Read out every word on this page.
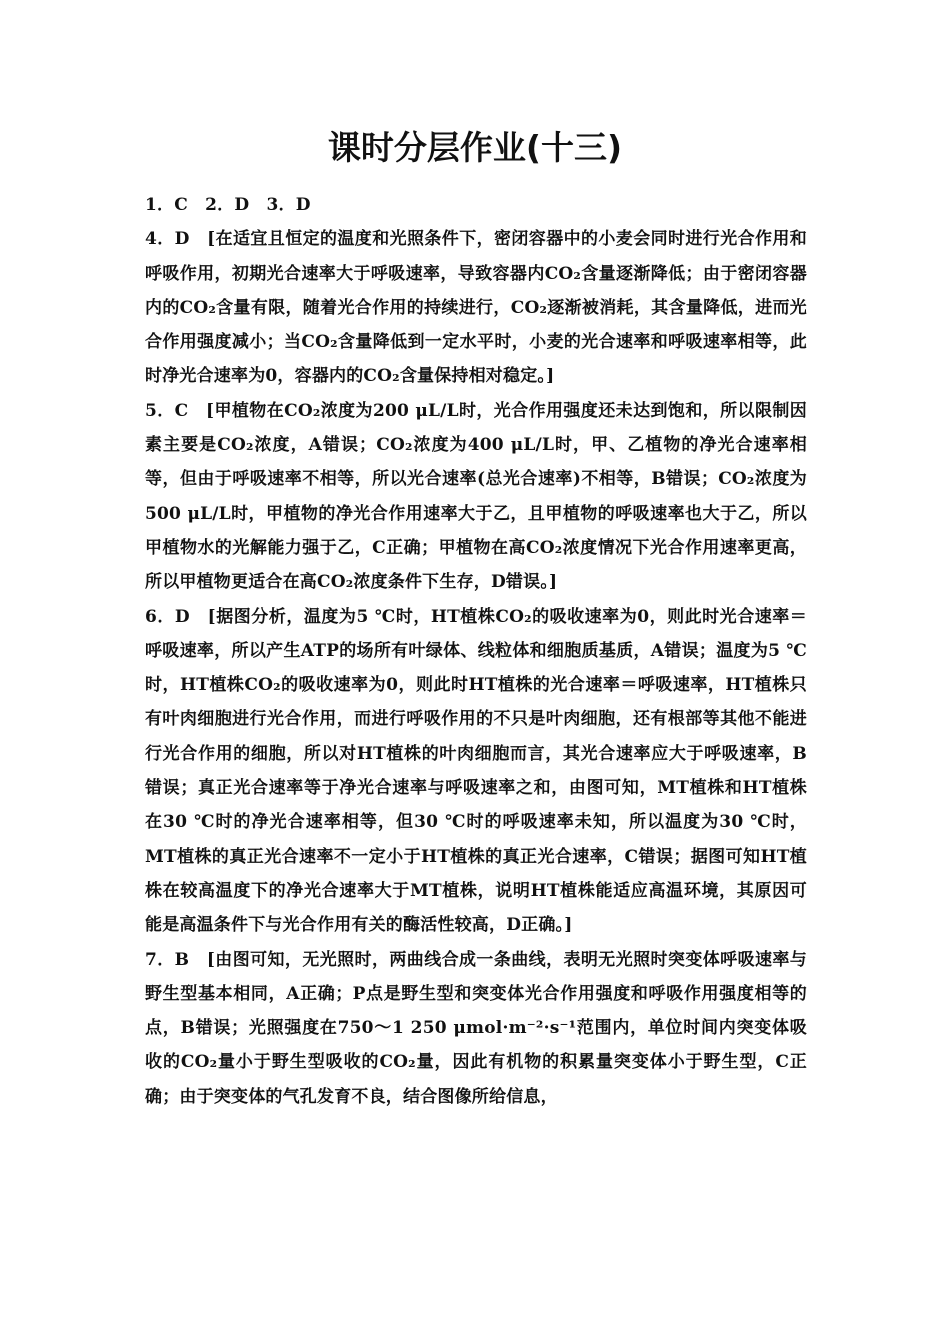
课时分层作业(十三)

1．C　2．D　3．D

4．D　[在适宜且恒定的温度和光照条件下，密闭容器中的小麦会同时进行光合作用和呼吸作用，初期光合速率大于呼吸速率，导致容器内CO₂含量逐渐降低；由于密闭容器内的CO₂含量有限，随着光合作用的持续进行，CO₂逐渐被消耗，其含量降低，进而光合作用强度减小；当CO₂含量降低到一定水平时，小麦的光合速率和呼吸速率相等，此时净光合速率为0，容器内的CO₂含量保持相对稳定。]

5．C　[甲植物在CO₂浓度为200 μL/L时，光合作用强度还未达到饱和，所以限制因素主要是CO₂浓度，A错误；CO₂浓度为400 μL/L时，甲、乙植物的净光合速率相等，但由于呼吸速率不相等，所以光合速率(总光合速率)不相等，B错误；CO₂浓度为500 μL/L时，甲植物的净光合作用速率大于乙，且甲植物的呼吸速率也大于乙，所以甲植物水的光解能力强于乙，C正确；甲植物在高CO₂浓度情况下光合作用速率更高，所以甲植物更适合在高CO₂浓度条件下生存，D错误。]

6．D　[据图分析，温度为5 ℃时，HT植株CO₂的吸收速率为0，则此时光合速率＝呼吸速率，所以产生ATP的场所有叶绿体、线粒体和细胞质基质，A错误；温度为5 ℃时，HT植株CO₂的吸收速率为0，则此时HT植株的光合速率＝呼吸速率，HT植株只有叶肉细胞进行光合作用，而进行呼吸作用的不只是叶肉细胞，还有根部等其他不能进行光合作用的细胞，所以对HT植株的叶肉细胞而言，其光合速率应大于呼吸速率，B错误；真正光合速率等于净光合速率与呼吸速率之和，由图可知，MT植株和HT植株在30 ℃时的净光合速率相等，但30 ℃时的呼吸速率未知，所以温度为30 ℃时，MT植株的真正光合速率不一定小于HT植株的真正光合速率，C错误；据图可知HT植株在较高温度下的净光合速率大于MT植株，说明HT植株能适应高温环境，其原因可能是高温条件下与光合作用有关的酶活性较高，D正确。]

7．B　[由图可知，无光照时，两曲线合成一条曲线，表明无光照时突变体呼吸速率与野生型基本相同，A正确；P点是野生型和突变体光合作用强度和呼吸作用强度相等的点，B错误；光照强度在750～1 250 μmol·m⁻²·s⁻¹范围内，单位时间内突变体吸收的CO₂量小于野生型吸收的CO₂量，因此有机物的积累量突变体小于野生型，C正确；由于突变体的气孔发育不良，结合图像所给信息，
